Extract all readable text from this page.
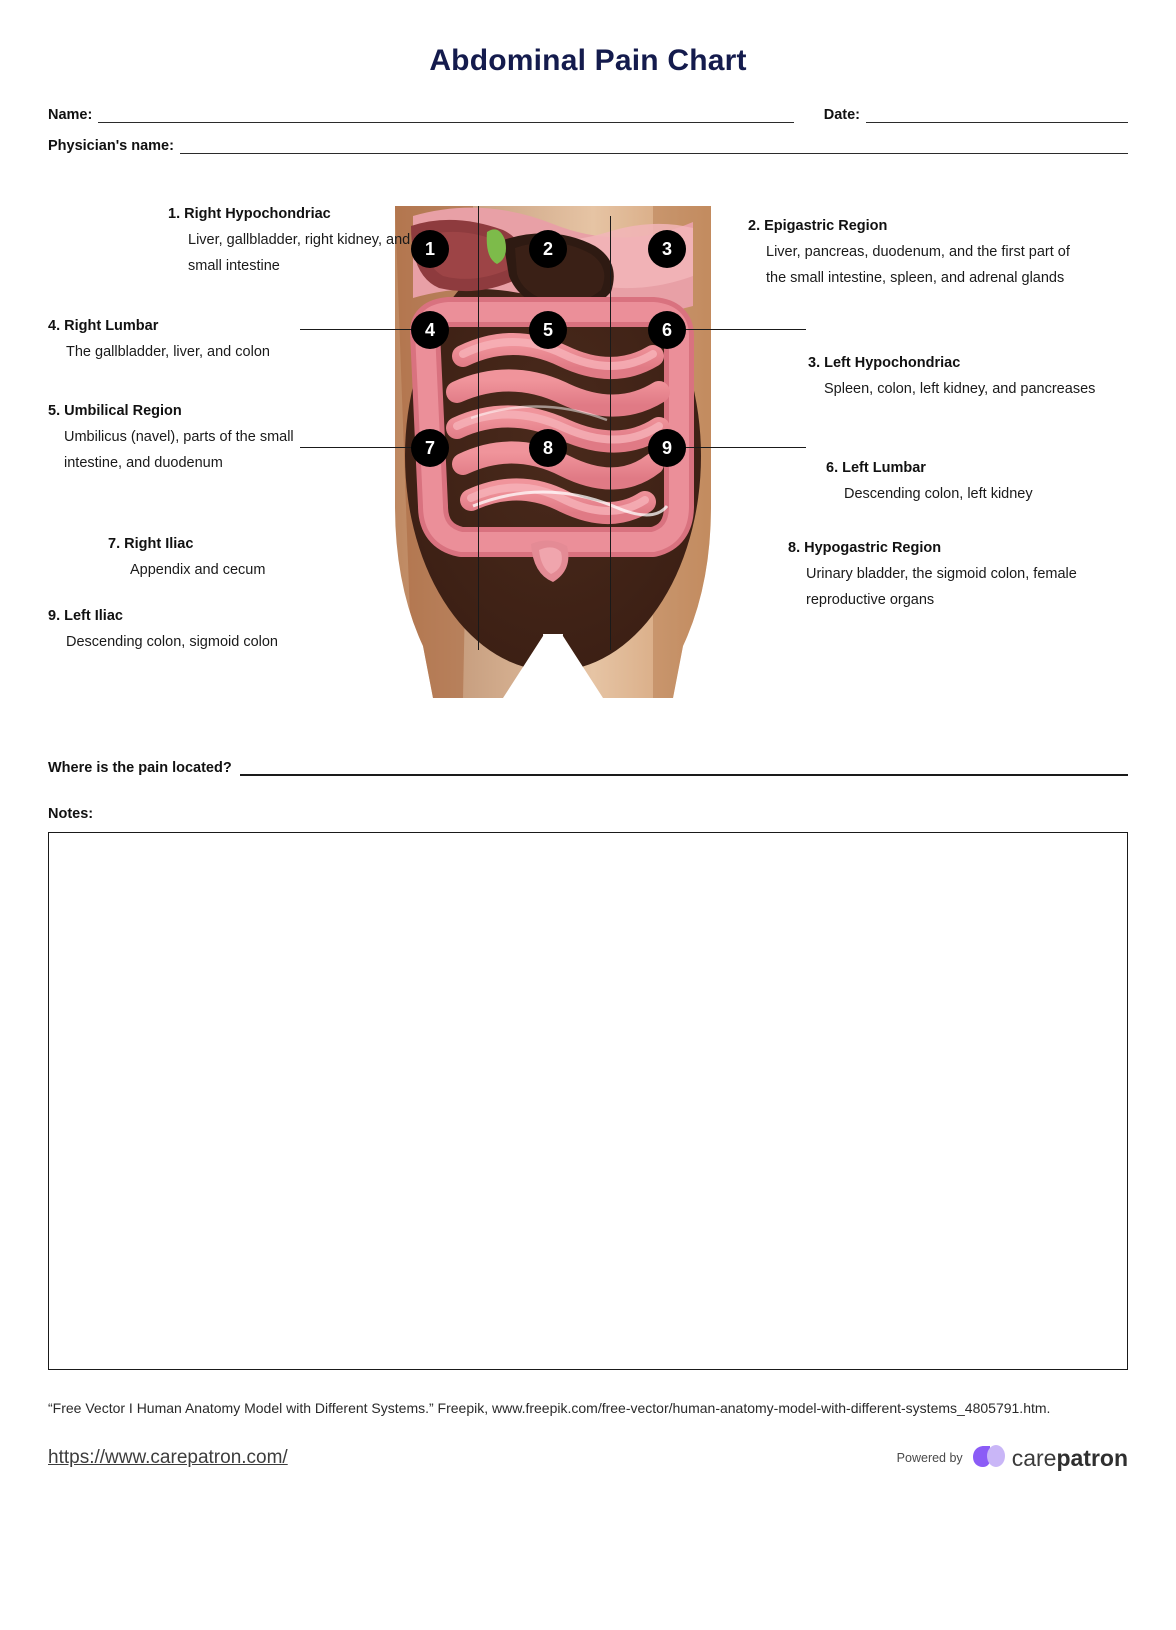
Abdominal Pain Chart
Name:	Date:
Physician's name:
1	2	3
4	5	6
7	8	9
1. Right Hypochondriac
Liver, gallbladder, right kidney, and small intestine
4. Right Lumbar
The gallbladder, liver, and colon
5. Umbilical Region
Umbilicus (navel), parts of the small intestine, and duodenum
7. Right Iliac
Appendix and cecum
9. Left Iliac
Descending colon, sigmoid colon
2. Epigastric Region
Liver, pancreas, duodenum, and the first part of the small intestine, spleen, and adrenal glands
3. Left Hypochondriac
Spleen, colon, left kidney, and pancreases
6. Left Lumbar
Descending colon, left kidney
8. Hypogastric Region
Urinary bladder, the sigmoid colon, female reproductive organs
Where is the pain located?
Notes:
“Free Vector I Human Anatomy Model with Different Systems.” Freepik, www.freepik.com/free-vector/human-anatomy-model-with-different-systems_4805791.htm.
https://www.carepatron.com/	Powered by carepatron
